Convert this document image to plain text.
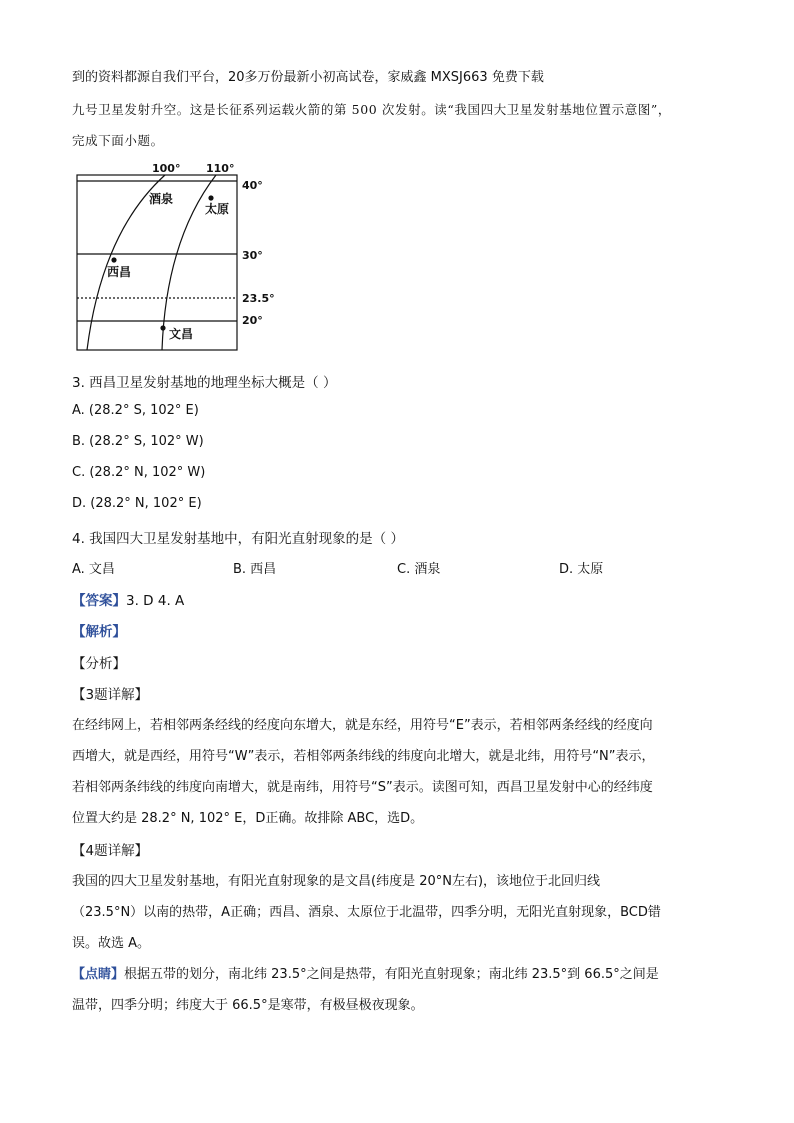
到的资料都源自我们平台，20多万份最新小初高试卷，家威鑫 MXSJ663 免费下载
九号卫星发射升空。这是长征系列运载火箭的第 500 次发射。读“我国四大卫星发射基地位置示意图”，
完成下面小题。
100° 110°
40°
30°
23.5°
20°
酒泉
太原
西昌
文昌
3. 西昌卫星发射基地的地理坐标大概是（ ）
A. (28.2° S, 102° E)
B. (28.2° S, 102° W)
C. (28.2° N, 102° W)
D. (28.2° N, 102° E)
4. 我国四大卫星发射基地中，有阳光直射现象的是（ ）
A. 文昌	B. 西昌	C. 酒泉	D. 太原
【答案】3. D 4. A
【解析】
【分析】
【3题详解】
在经纬网上，若相邻两条经线的经度向东增大，就是东经，用符号“E”表示，若相邻两条经线的经度向
西增大，就是西经，用符号“W”表示，若相邻两条纬线的纬度向北增大，就是北纬，用符号“N”表示，
若相邻两条纬线的纬度向南增大，就是南纬，用符号“S”表示。读图可知，西昌卫星发射中心的经纬度
位置大约是 28.2° N, 102° E，D正确。故排除 ABC，选D。
【4题详解】
我国的四大卫星发射基地，有阳光直射现象的是文昌(纬度是 20°N左右)，该地位于北回归线
（23.5°N）以南的热带，A正确；西昌、酒泉、太原位于北温带，四季分明，无阳光直射现象，BCD错
误。故选 A。
【点睛】根据五带的划分，南北纬 23.5°之间是热带，有阳光直射现象；南北纬 23.5°到 66.5°之间是
温带，四季分明；纬度大于 66.5°是寒带，有极昼极夜现象。
